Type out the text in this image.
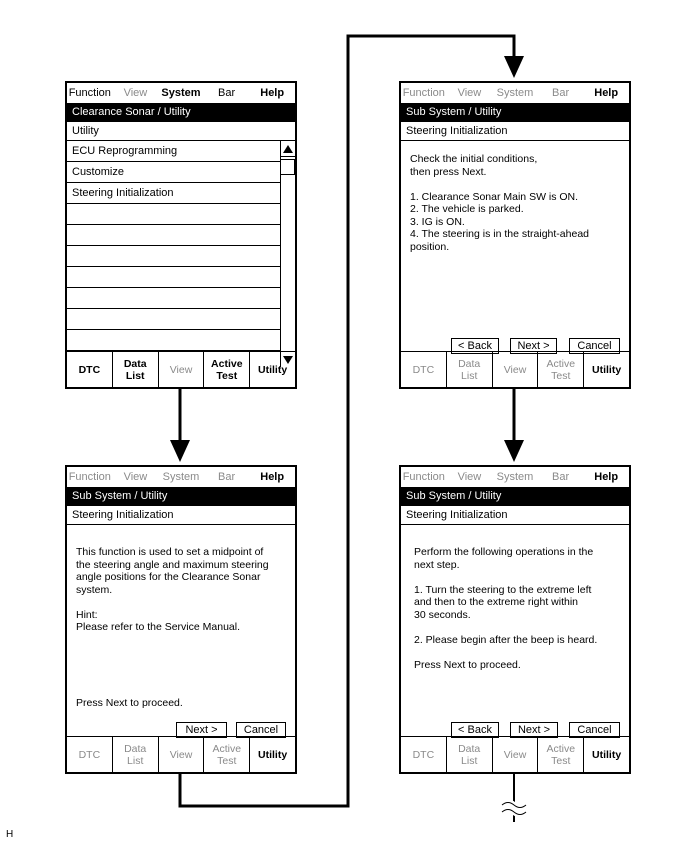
Function	View	System	Bar	Help
Clearance Sonar / Utility
Utility
ECU Reprogramming
Customize
Steering Initialization
DTC	Data
List	View	Active
Test	Utility
Function	View	System	Bar	Help
Sub System / Utility
Steering Initialization
Check the initial conditions,
then press Next.

1. Clearance Sonar Main SW is ON.
2. The vehicle is parked.
3. IG is ON.
4. The steering is in the straight-ahead
position.
< Back	Next >	Cancel
DTC	Data
List	View	Active
Test	Utility
Function	View	System	Bar	Help
Sub System / Utility
Steering Initialization
This function is used to set a midpoint of
the steering angle and maximum steering
angle positions for the Clearance Sonar
system.

Hint:
Please refer to the Service Manual.
Press Next to proceed.
Next >	Cancel
DTC	Data
List	View	Active
Test	Utility
Function	View	System	Bar	Help
Sub System / Utility
Steering Initialization
Perform the following operations in the
next step.

1. Turn the steering to the extreme left
and then to the extreme right within
30 seconds.

2. Please begin after the beep is heard.

Press Next to proceed.
< Back	Next >	Cancel
DTC	Data
List	View	Active
Test	Utility
H
